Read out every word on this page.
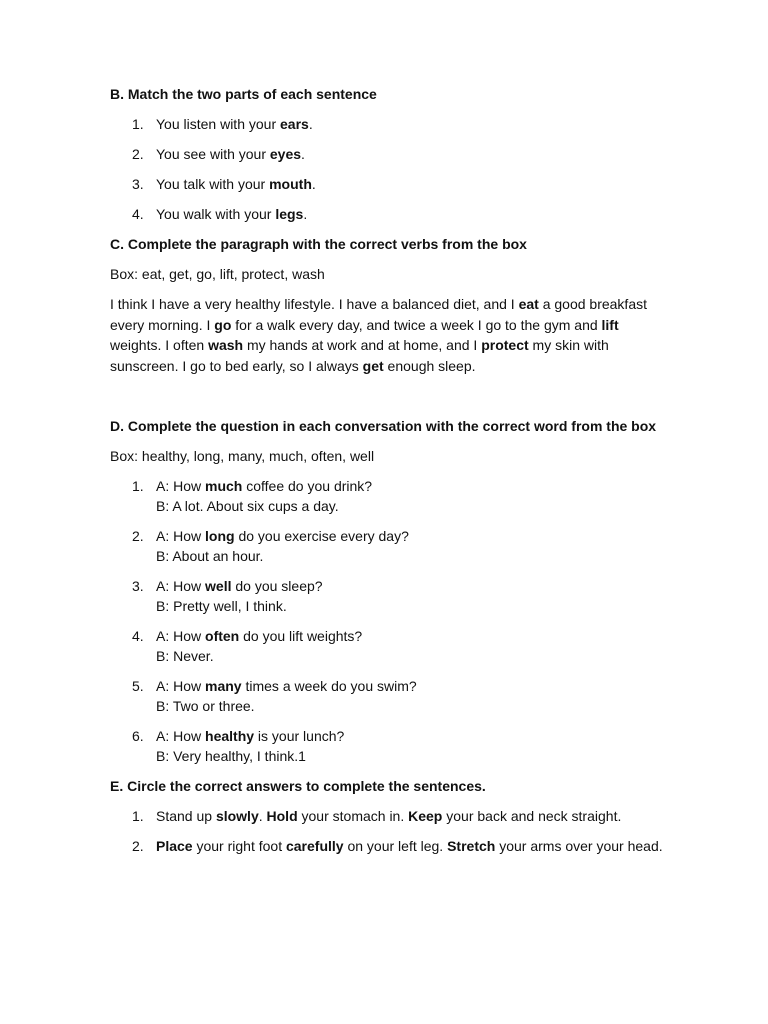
B. Match the two parts of each sentence

1. You listen with your ears.
2. You see with your eyes.
3. You talk with your mouth.
4. You walk with your legs.

C. Complete the paragraph with the correct verbs from the box

Box: eat, get, go, lift, protect, wash

I think I have a very healthy lifestyle. I have a balanced diet, and I eat a good breakfast every morning. I go for a walk every day, and twice a week I go to the gym and lift weights. I often wash my hands at work and at home, and I protect my skin with sunscreen. I go to bed early, so I always get enough sleep.

D. Complete the question in each conversation with the correct word from the box

Box: healthy, long, many, much, often, well

1. A: How much coffee do you drink?
B: A lot. About six cups a day.
2. A: How long do you exercise every day?
B: About an hour.
3. A: How well do you sleep?
B: Pretty well, I think.
4. A: How often do you lift weights?
B: Never.
5. A: How many times a week do you swim?
B: Two or three.
6. A: How healthy is your lunch?
B: Very healthy, I think.1

E. Circle the correct answers to complete the sentences.

1. Stand up slowly. Hold your stomach in. Keep your back and neck straight.
2. Place your right foot carefully on your left leg. Stretch your arms over your head.
